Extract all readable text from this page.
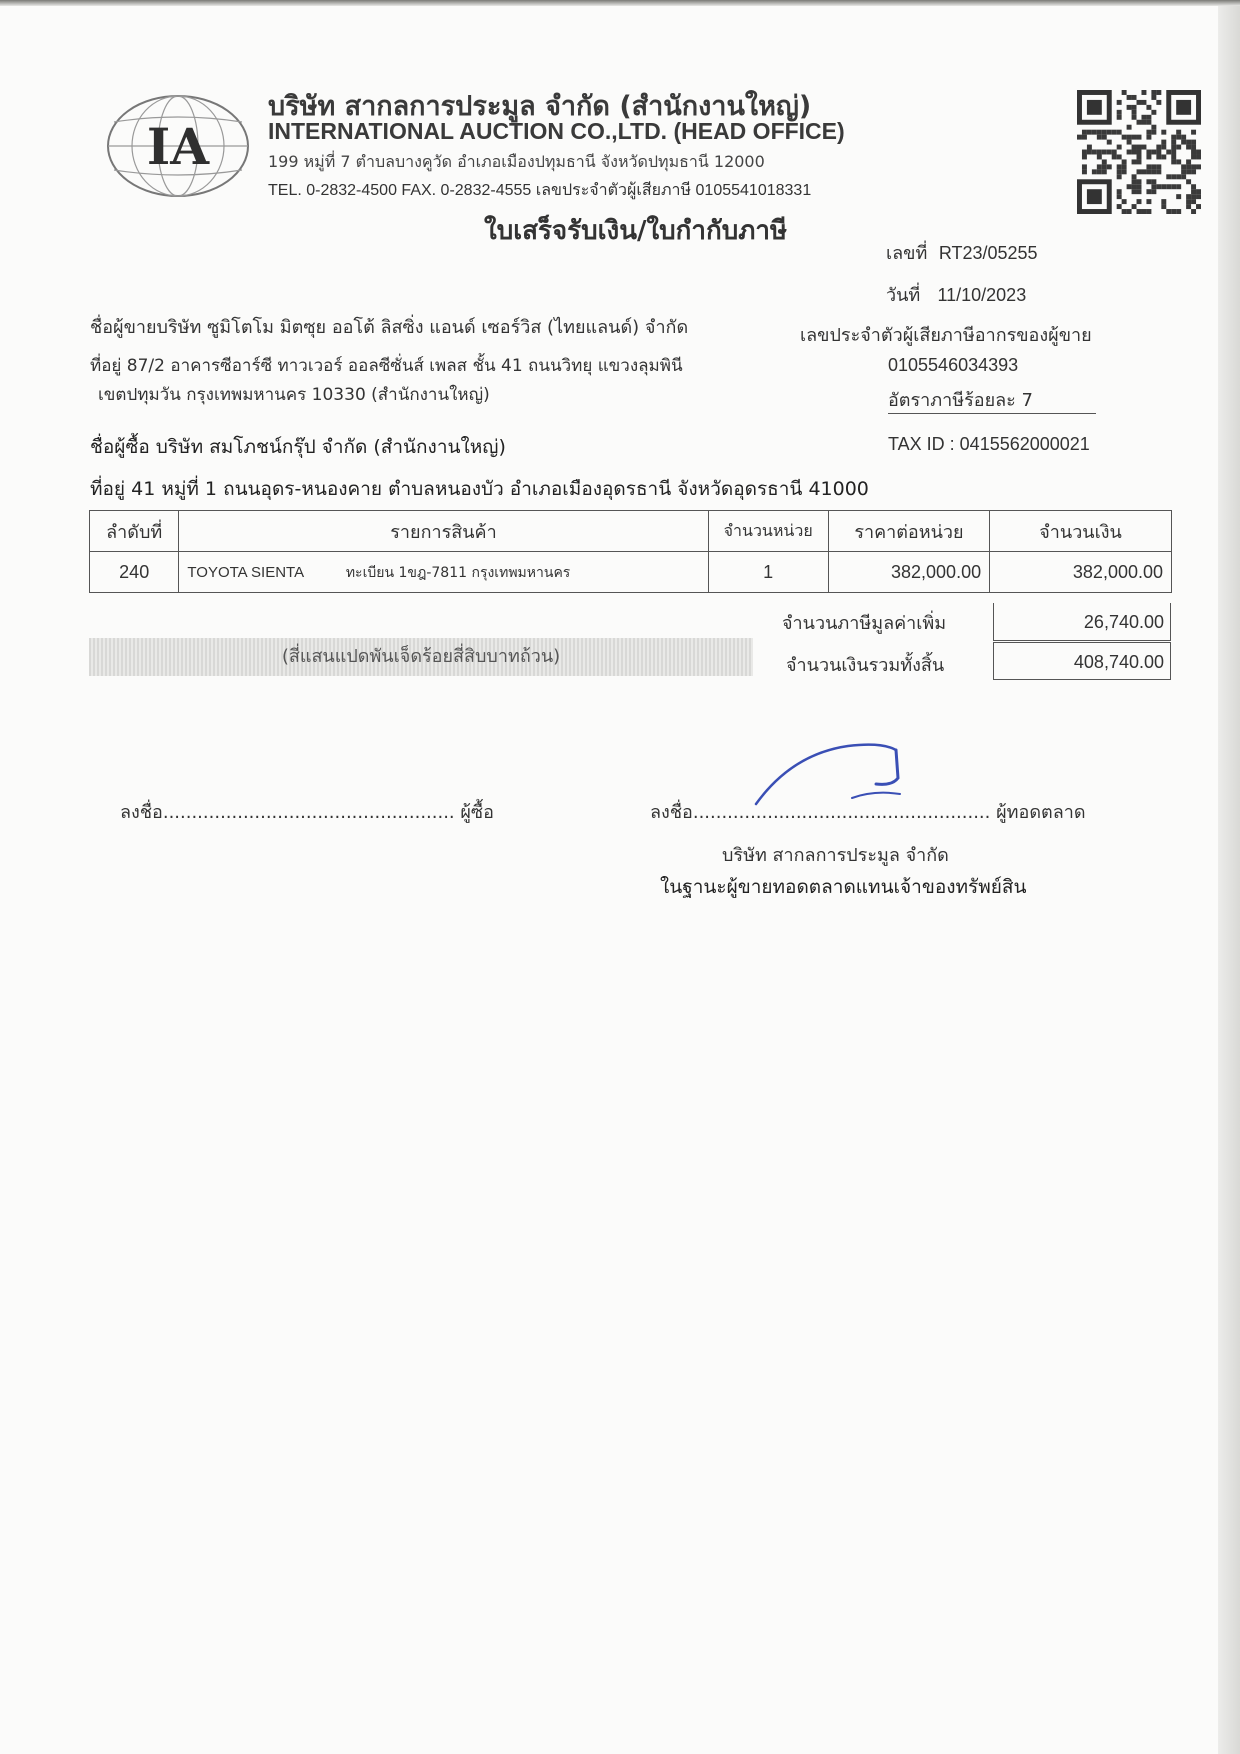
IA
บริษัท สากลการประมูล จำกัด (สำนักงานใหญ่)
INTERNATIONAL AUCTION CO.,LTD. (HEAD OFFICE)
199 หมู่ที่ 7 ตำบลบางคูวัด อำเภอเมืองปทุมธานี จังหวัดปทุมธานี 12000
TEL. 0-2832-4500 FAX. 0-2832-4555 เลขประจำตัวผู้เสียภาษี 0105541018331
ใบเสร็จรับเงิน/ใบกำกับภาษี
เลขที่ RT23/05255
วันที่ 11/10/2023
ชื่อผู้ขายบริษัท ซูมิโตโม มิตซุย ออโต้ ลิสซิ่ง แอนด์ เซอร์วิส (ไทยแลนด์) จำกัด
ที่อยู่ 87/2 อาคารซีอาร์ซี ทาวเวอร์ ออลซีซั่นส์ เพลส ชั้น 41 ถนนวิทยุ แขวงลุมพินี
เขตปทุมวัน กรุงเทพมหานคร 10330 (สำนักงานใหญ่)
เลขประจำตัวผู้เสียภาษีอากรของผู้ขาย
0105546034393
อัตราภาษีร้อยละ 7
ชื่อผู้ซื้อ บริษัท สมโภชน์กรุ๊ป จำกัด (สำนักงานใหญ่)	TAX ID : 0415562000021
ที่อยู่ 41 หมู่ที่ 1 ถนนอุดร-หนองคาย ตำบลหนองบัว อำเภอเมืองอุดรธานี จังหวัดอุดรธานี 41000
ลำดับที่	รายการสินค้า	จำนวนหน่วย	ราคาต่อหน่วย	จำนวนเงิน
240	TOYOTA SIENTA ทะเบียน 1ขฎ-7811 กรุงเทพมหานคร	1	382,000.00	382,000.00
จำนวนภาษีมูลค่าเพิ่ม	26,740.00
(สี่แสนแปดพันเจ็ดร้อยสี่สิบบาทถ้วน)	จำนวนเงินรวมทั้งสิ้น	408,740.00
ลงชื่อ................................................... ผู้ซื้อ	ลงชื่อ.................................................... ผู้ทอดตลาด
บริษัท สากลการประมูล จำกัด
ในฐานะผู้ขายทอดตลาดแทนเจ้าของทรัพย์สิน
